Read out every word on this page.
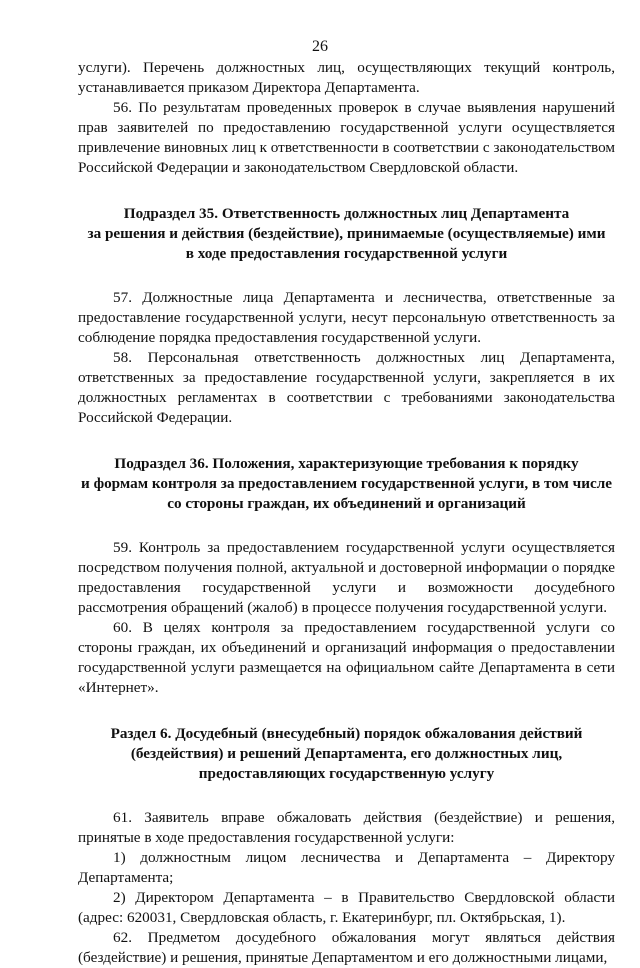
26

услуги). Перечень должностных лиц, осуществляющих текущий контроль, устанавливается приказом Директора Департамента.

56. По результатам проведенных проверок в случае выявления нарушений прав заявителей по предоставлению государственной услуги осуществляется привлечение виновных лиц к ответственности в соответствии с законодательством Российской Федерации и законодательством Свердловской области.

Подраздел 35. Ответственность должностных лиц Департамента

за решения и действия (бездействие), принимаемые (осуществляемые) ими

в ходе предоставления государственной услуги

57. Должностные лица Департамента и лесничества, ответственные за предоставление государственной услуги, несут персональную ответственность за соблюдение порядка предоставления государственной услуги.

58. Персональная ответственность должностных лиц Департамента, ответственных за предоставление государственной услуги, закрепляется в их должностных регламентах в соответствии с требованиями законодательства Российской Федерации.

Подраздел 36. Положения, характеризующие требования к порядку

и формам контроля за предоставлением государственной услуги, в том числе

со стороны граждан, их объединений и организаций

59. Контроль за предоставлением государственной услуги осуществляется посредством получения полной, актуальной и достоверной информации о порядке предоставления государственной услуги и возможности досудебного рассмотрения обращений (жалоб) в процессе получения государственной услуги.

60. В целях контроля за предоставлением государственной услуги со стороны граждан, их объединений и организаций информация о предоставлении государственной услуги размещается на официальном сайте Департамента в сети «Интернет».

Раздел 6. Досудебный (внесудебный) порядок обжалования действий

(бездействия) и решений Департамента, его должностных лиц,

предоставляющих государственную услугу

61. Заявитель вправе обжаловать действия (бездействие) и решения, принятые в ходе предоставления государственной услуги:

1) должностным лицом лесничества и Департамента – Директору Департамента;

2) Директором Департамента – в Правительство Свердловской области (адрес: 620031, Свердловская область, г. Екатеринбург, пл. Октябрьская, 1).

62. Предметом досудебного обжалования могут являться действия (бездействие) и решения, принятые Департаментом и его должностными лицами,
